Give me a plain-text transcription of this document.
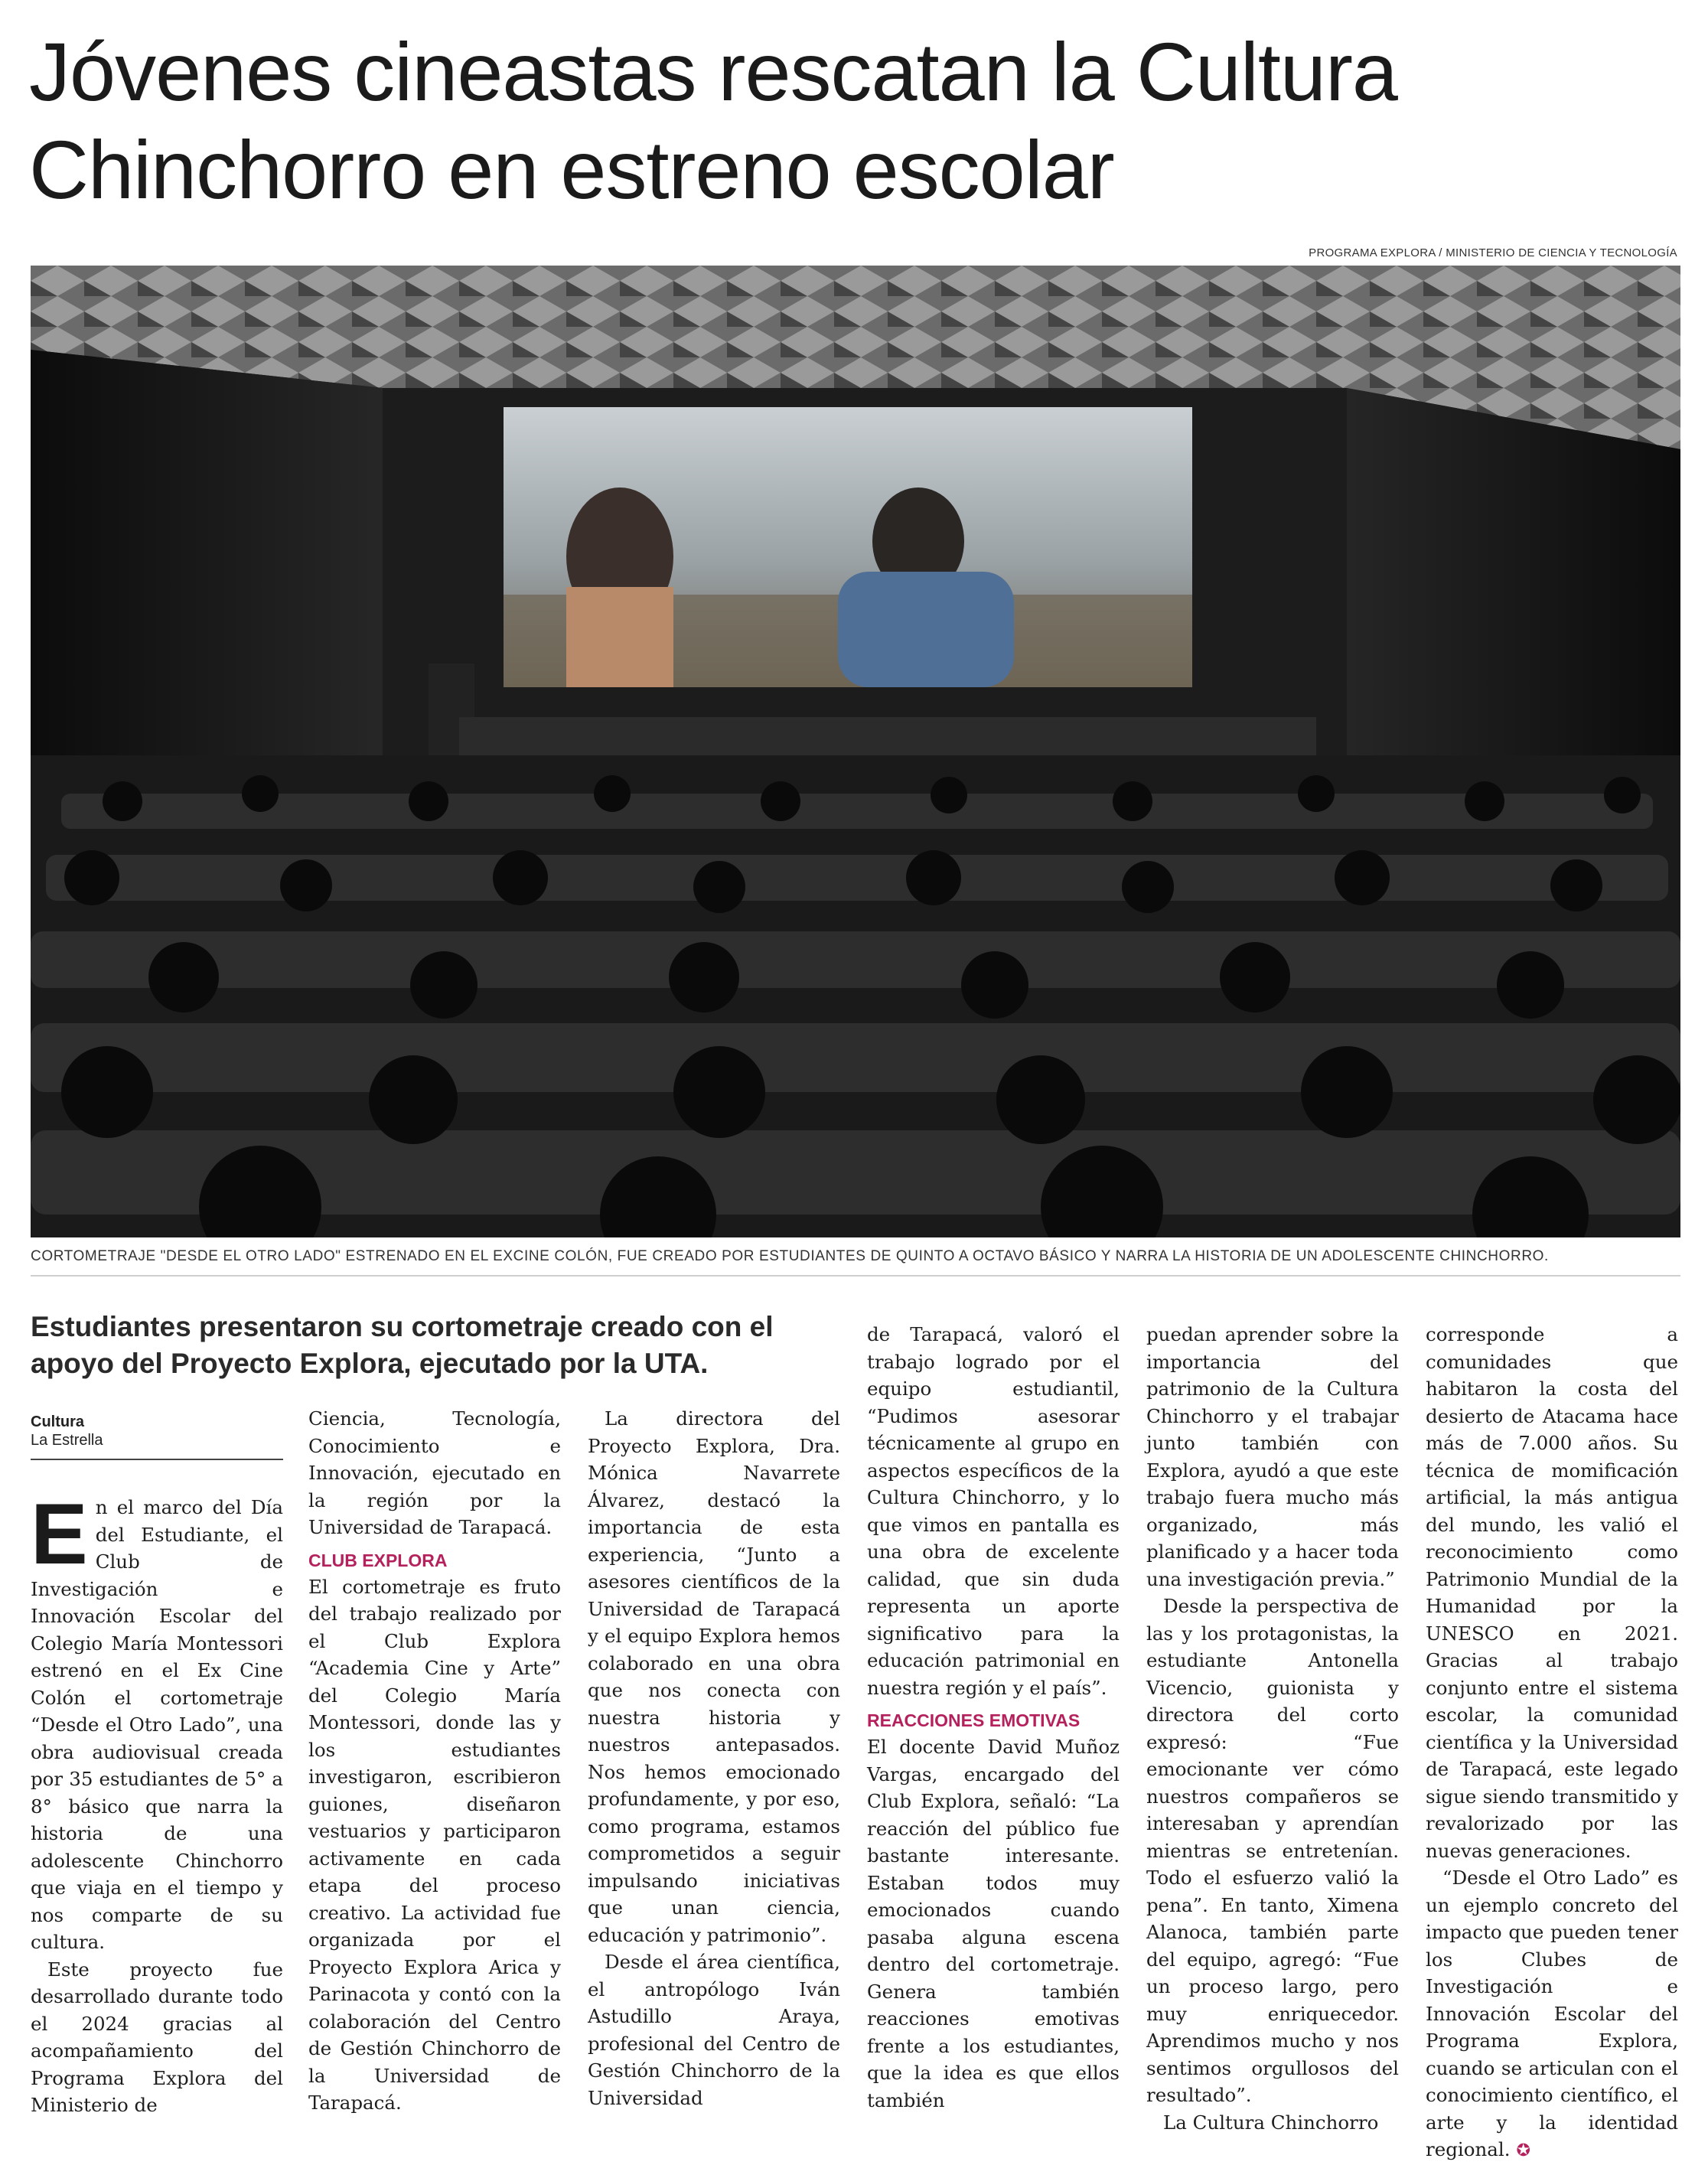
Jóvenes cineastas rescatan la Cultura Chinchorro en estreno escolar
PROGRAMA EXPLORA / MINISTERIO DE CIENCIA Y TECNOLOGÍA
CORTOMETRAJE "DESDE EL OTRO LADO" ESTRENADO EN EL EXCINE COLÓN, FUE CREADO POR ESTUDIANTES DE QUINTO A OCTAVO BÁSICO Y NARRA LA HISTORIA DE UN ADOLESCENTE CHINCHORRO.
Estudiantes presentaron su cortometraje creado con el apoyo del Proyecto Explora, ejecutado por la UTA.
Cultura
La Estrella

En el marco del Día del Estudiante, el Club de Investigación e Innovación Escolar del Colegio María Montessori estrenó en el Ex Cine Colón el cortometraje “Desde el Otro Lado”, una obra audiovisual creada por 35 estudiantes de 5° a 8° básico que narra la historia de una adolescente Chinchorro que viaja en el tiempo y nos comparte de su cultura.

Este proyecto fue desarrollado durante todo el 2024 gracias al acompañamiento del Programa Explora del Ministerio de

Ciencia, Tecnología, Conocimiento e Innovación, ejecutado en la región por la Universidad de Tarapacá.

CLUB EXPLORA

El cortometraje es fruto del trabajo realizado por el Club Explora “Academia Cine y Arte” del Colegio María Montessori, donde las y los estudiantes investigaron, escribieron guiones, diseñaron vestuarios y participaron activamente en cada etapa del proceso creativo. La actividad fue organizada por el Proyecto Explora Arica y Parinacota y contó con la colaboración del Centro de Gestión Chinchorro de la Universidad de Tarapacá.

La directora del Proyecto Explora, Dra. Mónica Navarrete Álvarez, destacó la importancia de esta experiencia, “Junto a asesores científicos de la Universidad de Tarapacá y el equipo Explora hemos colaborado en una obra que nos conecta con nuestra historia y nuestros antepasados. Nos hemos emocionado profundamente, y por eso, como programa, estamos comprometidos a seguir impulsando iniciativas que unan ciencia, educación y patrimonio”.

Desde el área científica, el antropólogo Iván Astudillo Araya, profesional del Centro de Gestión Chinchorro de la Universidad

de Tarapacá, valoró el trabajo logrado por el equipo estudiantil, “Pudimos asesorar técnicamente al grupo en aspectos específicos de la Cultura Chinchorro, y lo que vimos en pantalla es una obra de excelente calidad, que sin duda representa un aporte significativo para la educación patrimonial en nuestra región y el país”.

REACCIONES EMOTIVAS

El docente David Muñoz Vargas, encargado del Club Explora, señaló: “La reacción del público fue bastante interesante. Estaban todos muy emocionados cuando pasaba alguna escena dentro del cortometraje. Genera también reacciones emotivas frente a los estudiantes, que la idea es que ellos también

puedan aprender sobre la importancia del patrimonio de la Cultura Chinchorro y el trabajar junto también con Explora, ayudó a que este trabajo fuera mucho más organizado, más planificado y a hacer toda una investigación previa.”

Desde la perspectiva de las y los protagonistas, la estudiante Antonella Vicencio, guionista y directora del corto expresó: “Fue emocionante ver cómo nuestros compañeros se interesaban y aprendían mientras se entretenían. Todo el esfuerzo valió la pena”. En tanto, Ximena Alanoca, también parte del equipo, agregó: “Fue un proceso largo, pero muy enriquecedor. Aprendimos mucho y nos sentimos orgullosos del resultado”.

La Cultura Chinchorro

corresponde a comunidades que habitaron la costa del desierto de Atacama hace más de 7.000 años. Su técnica de momificación artificial, la más antigua del mundo, les valió el reconocimiento como Patrimonio Mundial de la Humanidad por la UNESCO en 2021. Gracias al trabajo conjunto entre el sistema escolar, la comunidad científica y la Universidad de Tarapacá, este legado sigue siendo transmitido y revalorizado por las nuevas generaciones.

“Desde el Otro Lado” es un ejemplo concreto del impacto que pueden tener los Clubes de Investigación e Innovación Escolar del Programa Explora, cuando se articulan con el conocimiento científico, el arte y la identidad regional. ✪
